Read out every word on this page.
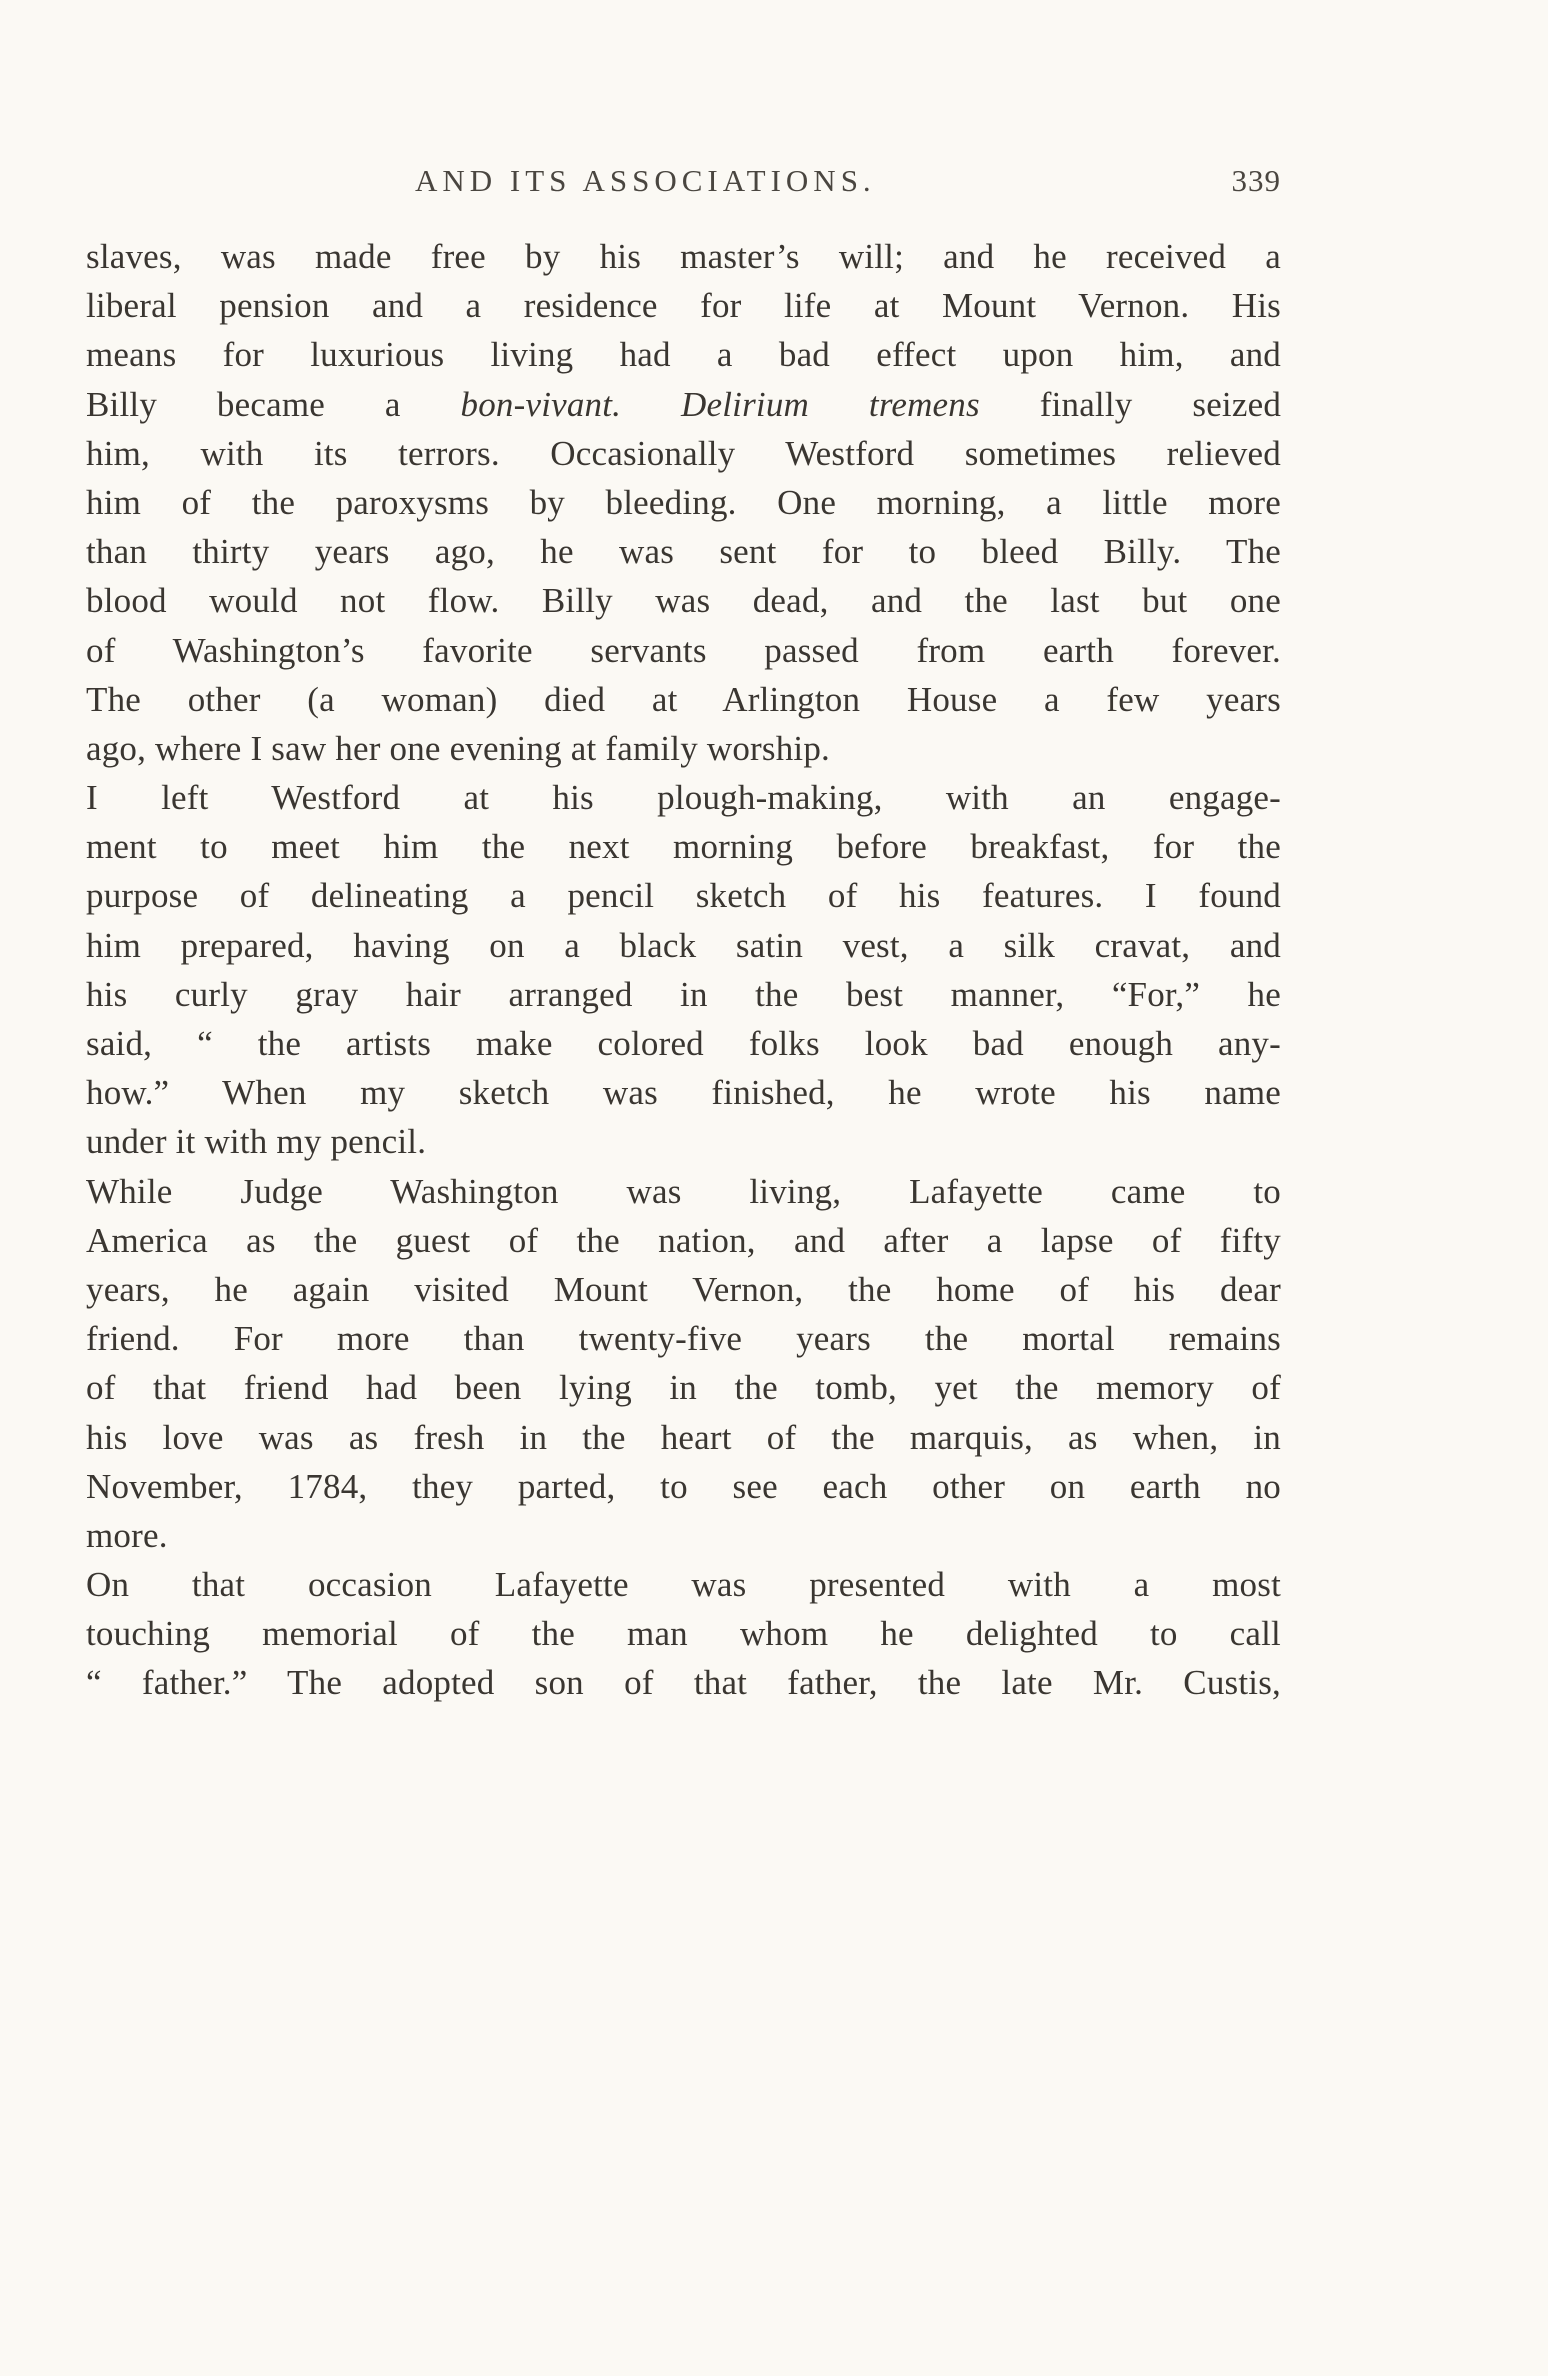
AND ITS ASSOCIATIONS.	339
slaves, was made free by his master’s will; and he received a
liberal pension and a residence for life at Mount Vernon. His
means for luxurious living had a bad effect upon him, and
Billy became a bon-vivant. Delirium tremens finally seized
him, with its terrors. Occasionally Westford sometimes relieved
him of the paroxysms by bleeding. One morning, a little more
than thirty years ago, he was sent for to bleed Billy. The
blood would not flow. Billy was dead, and the last but one
of Washington’s favorite servants passed from earth forever.
The other (a woman) died at Arlington House a few years
ago, where I saw her one evening at family worship.
I left Westford at his plough-making, with an engage-
ment to meet him the next morning before breakfast, for the
purpose of delineating a pencil sketch of his features. I found
him prepared, having on a black satin vest, a silk cravat, and
his curly gray hair arranged in the best manner, “For,” he
said, “ the artists make colored folks look bad enough any-
how.” When my sketch was finished, he wrote his name
under it with my pencil.
While Judge Washington was living, Lafayette came to
America as the guest of the nation, and after a lapse of fifty
years, he again visited Mount Vernon, the home of his dear
friend. For more than twenty-five years the mortal remains
of that friend had been lying in the tomb, yet the memory of
his love was as fresh in the heart of the marquis, as when, in
November, 1784, they parted, to see each other on earth no
more.
On that occasion Lafayette was presented with a most
touching memorial of the man whom he delighted to call
“ father.” The adopted son of that father, the late Mr. Custis,
